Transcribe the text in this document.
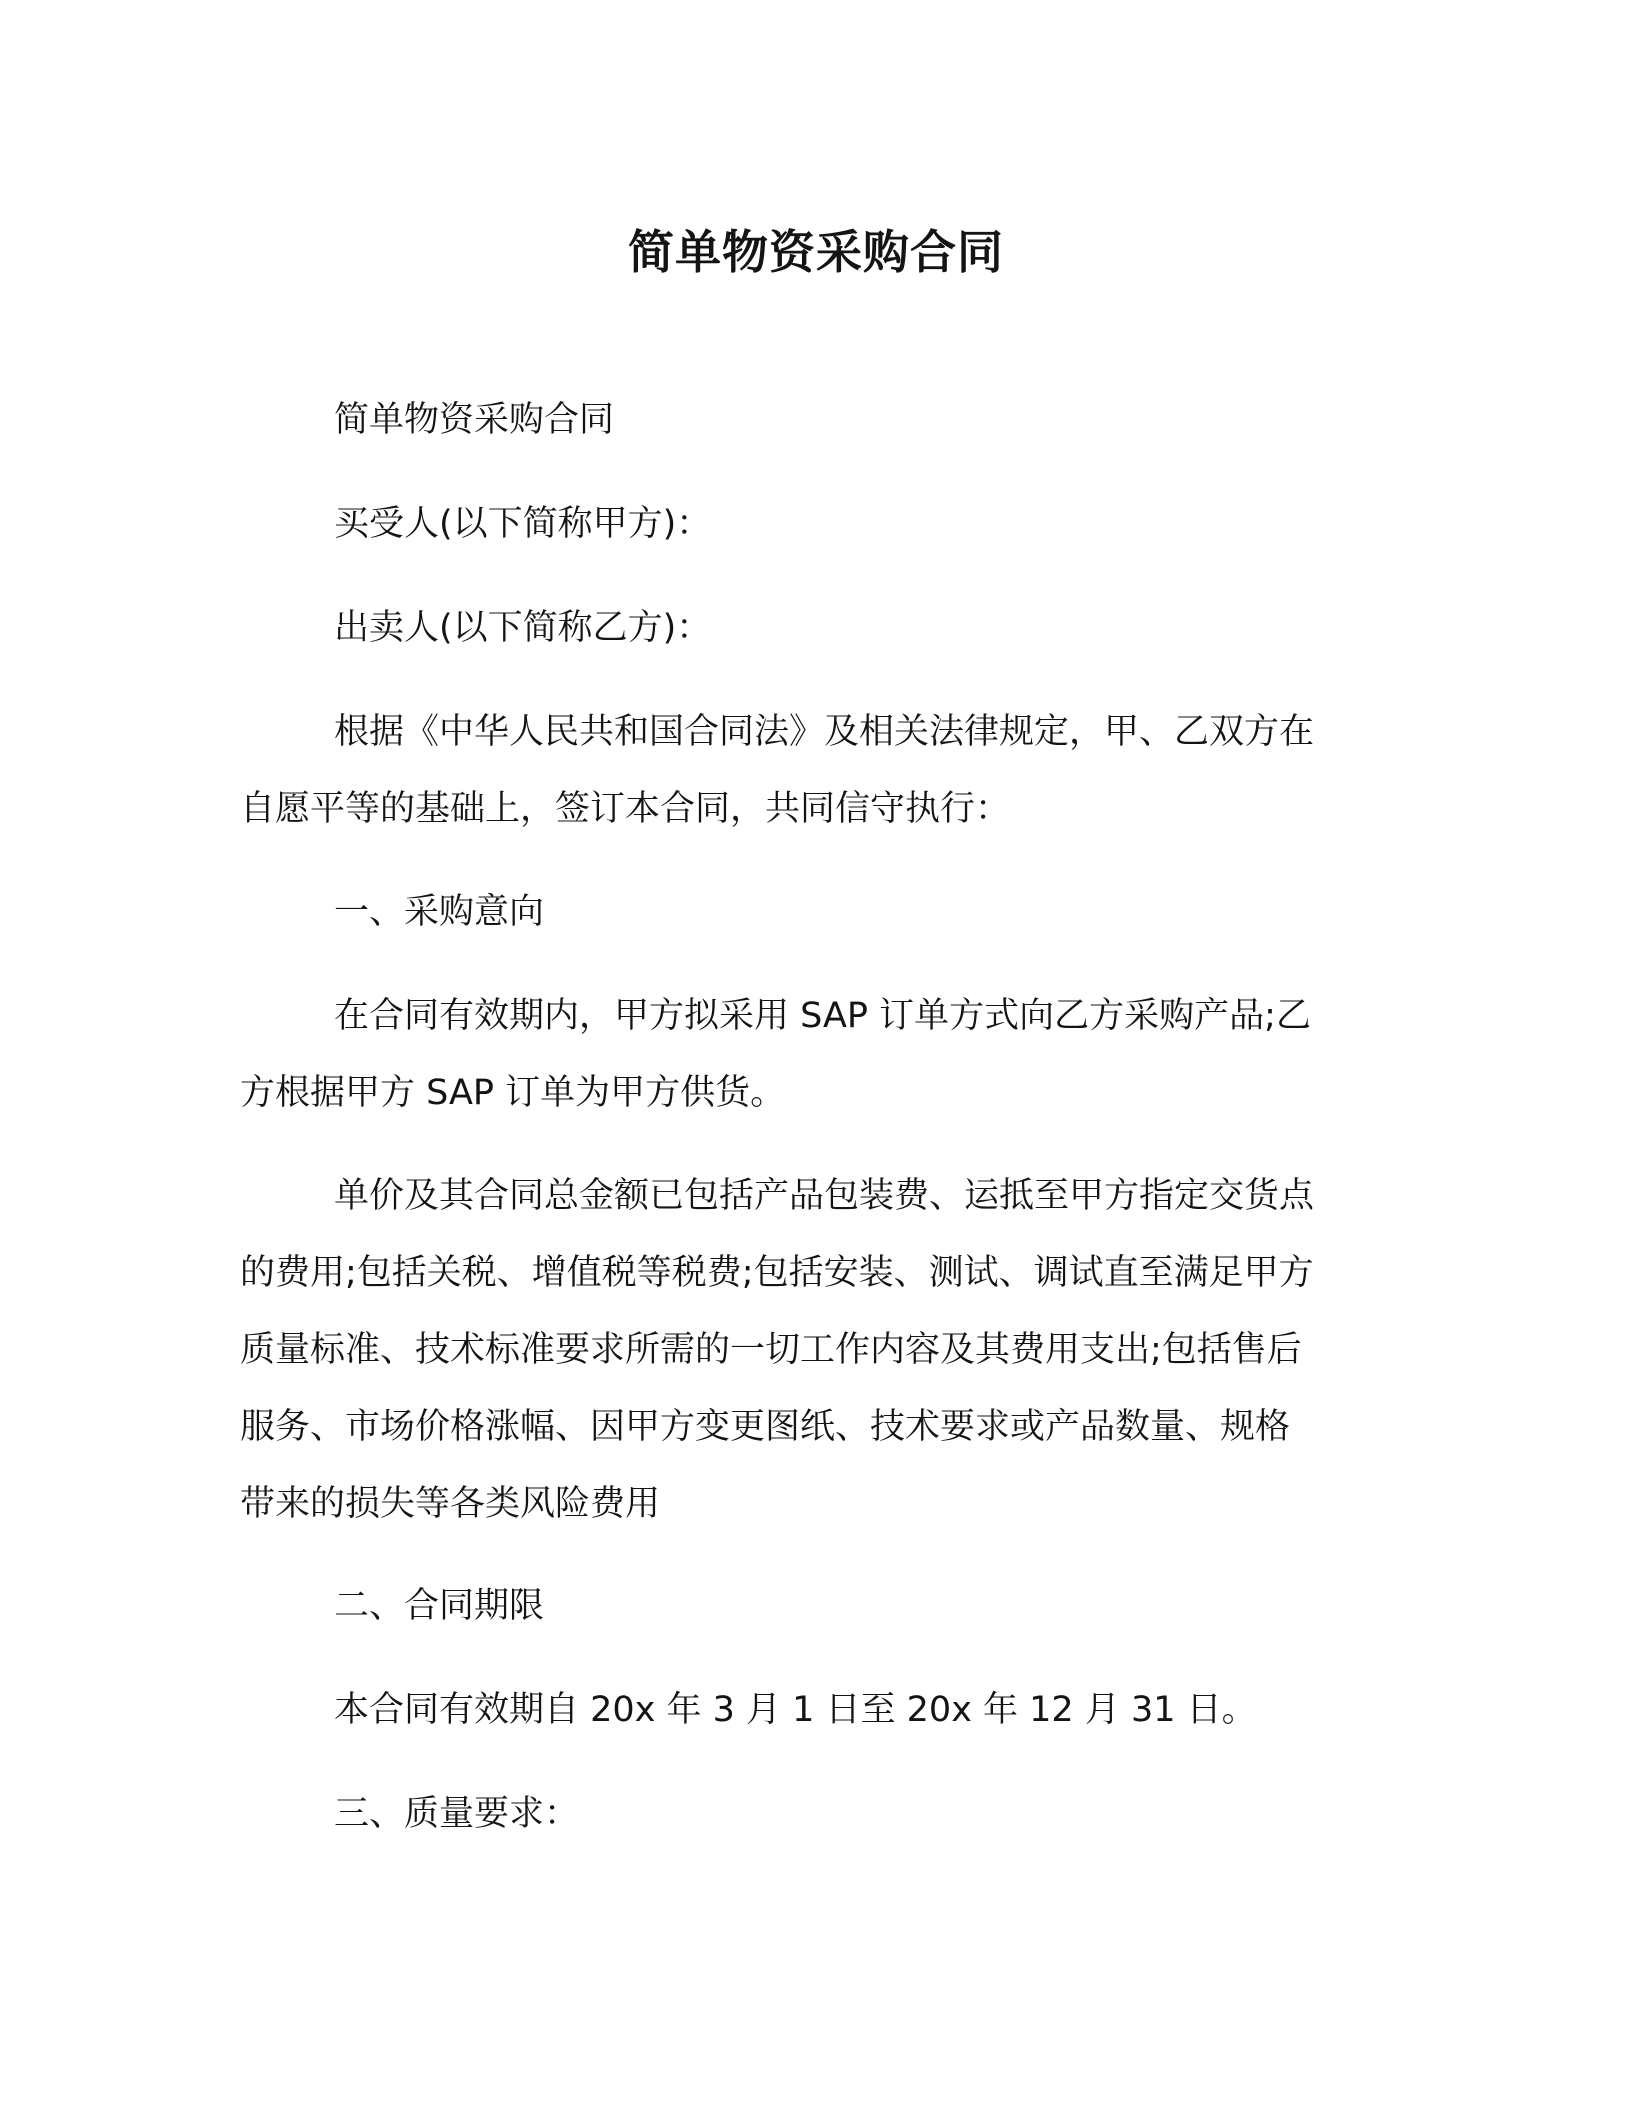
简单物资采购合同
简单物资采购合同
买受人(以下简称甲方)：
出卖人(以下简称乙方)：
根据《中华人民共和国合同法》及相关法律规定，甲、乙双方在
自愿平等的基础上，签订本合同，共同信守执行：
一、采购意向
在合同有效期内，甲方拟采用 SAP 订单方式向乙方采购产品;乙
方根据甲方 SAP 订单为甲方供货。
单价及其合同总金额已包括产品包装费、运抵至甲方指定交货点
的费用;包括关税、增值税等税费;包括安装、测试、调试直至满足甲方
质量标准、技术标准要求所需的一切工作内容及其费用支出;包括售后
服务、市场价格涨幅、因甲方变更图纸、技术要求或产品数量、规格
带来的损失等各类风险费用
二、合同期限
本合同有效期自 20x 年 3 月 1 日至 20x 年 12 月 31 日。
三、质量要求：
